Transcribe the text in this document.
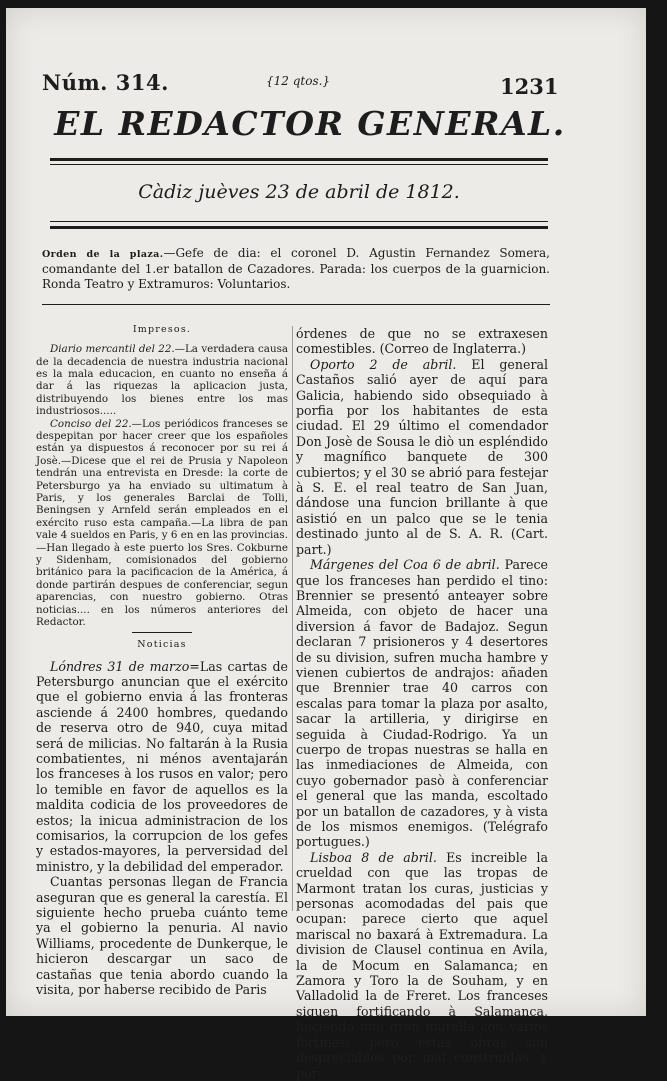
Núm. 314.	{12 qtos.}	1231
EL REDACTOR GENERAL.
Càdiz juèves 23 de abril de 1812.
Orden de la plaza.—Gefe de dia: el coronel D. Agustin Fernandez Somera, comandante del 1.er batallon de Cazadores. Parada: los cuerpos de la guarnicion. Ronda Teatro y Extramuros: Voluntarios.

Impresos.

Diario mercantil del 22.—La verdadera causa de la decadencia de nuestra industria nacional es la mala educacion, en cuanto no enseña á dar á las riquezas la aplicacion justa, distribuyendo los bienes entre los mas industriosos.....

Conciso del 22.—Los periódicos franceses se despepitan por hacer creer que los españoles están ya dispuestos á reconocer por su rei á Josè.—Dicese que el rei de Prusia y Napoleon tendrán una entrevista en Dresde: la corte de Petersburgo ya ha enviado su ultimatum à Paris, y los generales Barclai de Tolli, Beningsen y Arnfeld serán empleados en el exército ruso esta campaña.—La libra de pan vale 4 sueldos en Paris, y 6 en en las provincias.—Han llegado à este puerto los Sres. Cokburne y Sidenham, comisionados del gobierno británico para la pacificacion de la América, á donde partirán despues de conferenciar, segun aparencias, con nuestro gobierno. Otras noticias.... en los números anteriores del Redactor.

Noticias

Lóndres 31 de marzo=Las cartas de Petersburgo anuncian que el exército que el gobierno envia á las fronteras asciende á 2400 hombres, quedando de reserva otro de 940, cuya mitad será de milicias. No faltarán à la Rusia combatientes, ni ménos aventajarán los franceses à los rusos en valor; pero lo temible en favor de aquellos es la maldita codicia de los proveedores de estos; la inicua administracion de los comisarios, la corrupcion de los gefes y estados-mayores, la perversidad del ministro, y la debilidad del emperador.

Cuantas personas llegan de Francia aseguran que es general la carestía. El siguiente hecho prueba cuánto teme ya el gobierno la penuria. Al navio Williams, procedente de Dunkerque, le hicieron descargar un saco de castañas que tenia abordo cuando la visita, por haberse recibido de Paris

órdenes de que no se extraxesen comestibles. (Correo de Inglaterra.)

Oporto 2 de abril. El general Castaños salió ayer de aquí para Galicia, habiendo sido obsequiado à porfia por los habitantes de esta ciudad. El 29 último el comendador Don Josè de Sousa le diò un espléndido y magnífico banquete de 300 cubiertos; y el 30 se abrió para festejar à S. E. el real teatro de San Juan, dándose una funcion brillante à que asistió en un palco que se le tenia destinado junto al de S. A. R. (Cart. part.)

Márgenes del Coa 6 de abril. Parece que los franceses han perdido el tino: Brennier se presentó anteayer sobre Almeida, con objeto de hacer una diversion á favor de Badajoz. Segun declaran 7 prisioneros y 4 desertores de su division, sufren mucha hambre y vienen cubiertos de andrajos: añaden que Brennier trae 40 carros con escalas para tomar la plaza por asalto, sacar la artilleria, y dirigirse en seguida à Ciudad-Rodrigo. Ya un cuerpo de tropas nuestras se halla en las inmediaciones de Almeida, con cuyo gobernador pasò à conferenciar el general que las manda, escoltado por un batallon de cazadores, y à vista de los mismos enemigos. (Telégrafo portugues.)

Lisboa 8 de abril. Es increible la crueldad con que las tropas de Marmont tratan los curas, justicias y personas acomodadas del pais que ocupan: parece cierto que aquel mariscal no baxará à Extremadura. La division de Clausel continua en Avila, la de Mocum en Salamanca; en Zamora y Toro la de Souham, y en Valladolid la de Freret. Los franceses siguen fortificando à Salamanca, haciendo una gran muralla con varios fortines; pero estas obras son despreciables por mal construidas, y por-
